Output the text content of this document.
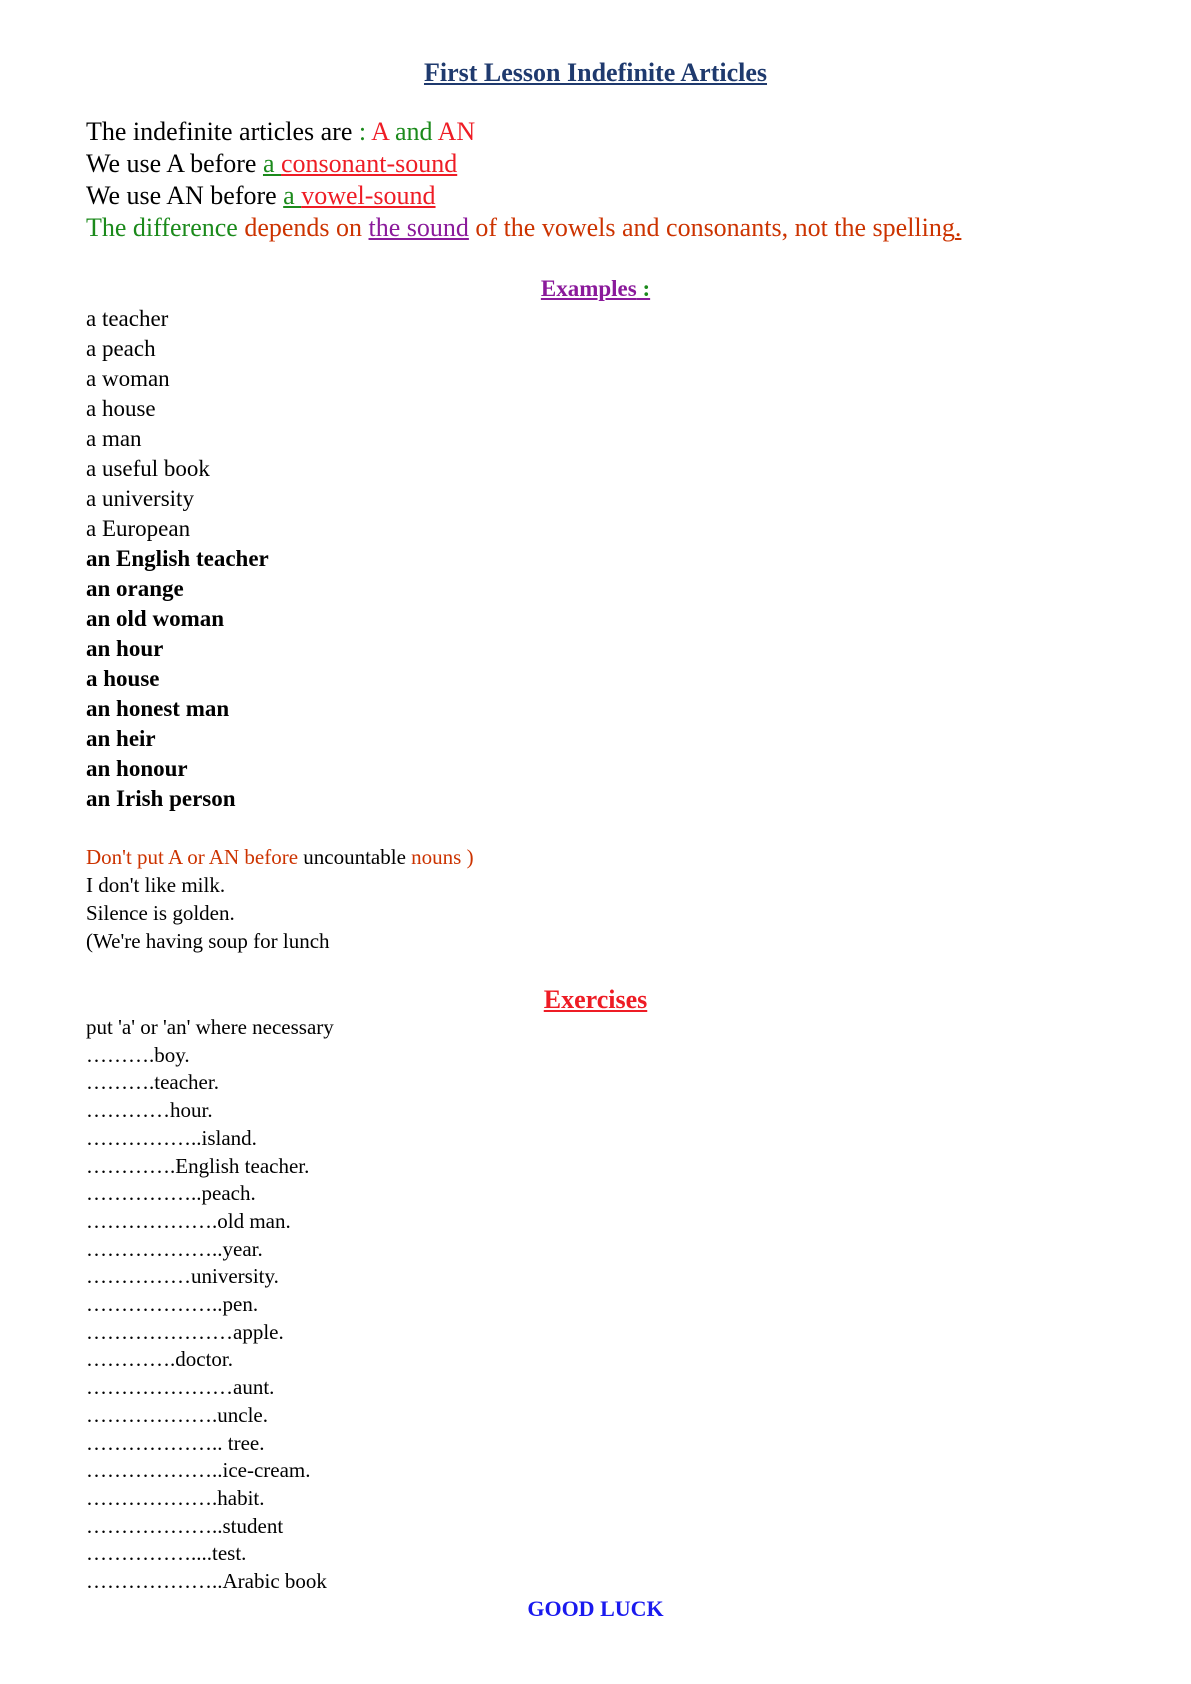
First Lesson Indefinite Articles
The indefinite articles are : A and AN
We use A before a consonant-sound
We use AN before a vowel-sound
The difference depends on the sound of the vowels and consonants, not the spelling.
Examples :
a teacher
a peach
a woman
a house
a man
a useful book
a university
a European
an English teacher
an orange
an old woman
an hour
a house
an honest man
an heir
an honour
an Irish person
Don't put A or AN before uncountable nouns )
I don't like milk.
Silence is golden.
(We're having soup for lunch
Exercises
put 'a' or 'an' where necessary
……….boy.
……….teacher.
…………hour.
……………..island.
………….English teacher.
……………..peach.
……………….old man.
………………..year.
……………university.
………………..pen.
…………………apple.
………….doctor.
…………………aunt.
……………….uncle.
……………….. tree.
………………..ice-cream.
……………….habit.
………………..student
……………....test.
………………..Arabic book
GOOD LUCK
